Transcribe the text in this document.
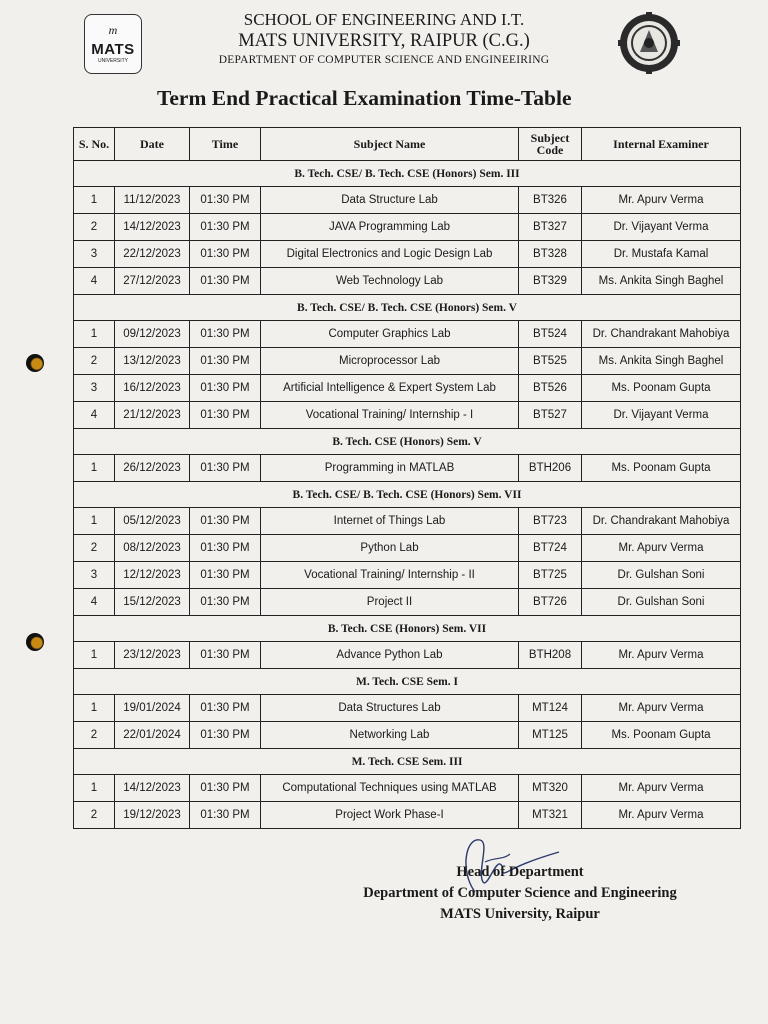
m
MATS
UNIVERSITY
SCHOOL OF ENGINEERING AND I.T.
MATS UNIVERSITY, RAIPUR (C.G.)
DEPARTMENT OF COMPUTER SCIENCE AND ENGINEEIRING
Term End Practical Examination Time-Table
S. No.	Date	Time	Subject Name	Subject Code	Internal Examiner
B. Tech. CSE/ B. Tech. CSE (Honors) Sem. III					
1	11/12/2023	01:30 PM	Data Structure Lab	BT326	Mr. Apurv Verma
2	14/12/2023	01:30 PM	JAVA Programming Lab	BT327	Dr. Vijayant Verma
3	22/12/2023	01:30 PM	Digital Electronics and Logic Design Lab	BT328	Dr. Mustafa Kamal
4	27/12/2023	01:30 PM	Web Technology Lab	BT329	Ms. Ankita Singh Baghel
B. Tech. CSE/ B. Tech. CSE (Honors) Sem. V					
1	09/12/2023	01:30 PM	Computer Graphics Lab	BT524	Dr. Chandrakant Mahobiya
2	13/12/2023	01:30 PM	Microprocessor Lab	BT525	Ms. Ankita Singh Baghel
3	16/12/2023	01:30 PM	Artificial Intelligence & Expert System Lab	BT526	Ms. Poonam Gupta
4	21/12/2023	01:30 PM	Vocational Training/ Internship - I	BT527	Dr. Vijayant Verma
B. Tech. CSE (Honors) Sem. V					
1	26/12/2023	01:30 PM	Programming in MATLAB	BTH206	Ms. Poonam Gupta
B. Tech. CSE/ B. Tech. CSE (Honors) Sem. VII					
1	05/12/2023	01:30 PM	Internet of Things Lab	BT723	Dr. Chandrakant Mahobiya
2	08/12/2023	01:30 PM	Python Lab	BT724	Mr. Apurv Verma
3	12/12/2023	01:30 PM	Vocational Training/ Internship - II	BT725	Dr. Gulshan Soni
4	15/12/2023	01:30 PM	Project II	BT726	Dr. Gulshan Soni
B. Tech. CSE (Honors) Sem. VII					
1	23/12/2023	01:30 PM	Advance Python Lab	BTH208	Mr. Apurv Verma
M. Tech. CSE Sem. I					
1	19/01/2024	01:30 PM	Data Structures Lab	MT124	Mr. Apurv Verma
2	22/01/2024	01:30 PM	Networking Lab	MT125	Ms. Poonam Gupta
M. Tech. CSE Sem. III					
1	14/12/2023	01:30 PM	Computational Techniques using MATLAB	MT320	Mr. Apurv Verma
2	19/12/2023	01:30 PM	Project Work Phase-I	MT321	Mr. Apurv Verma
Head of Department
Department of Computer Science and Engineering
MATS University, Raipur
